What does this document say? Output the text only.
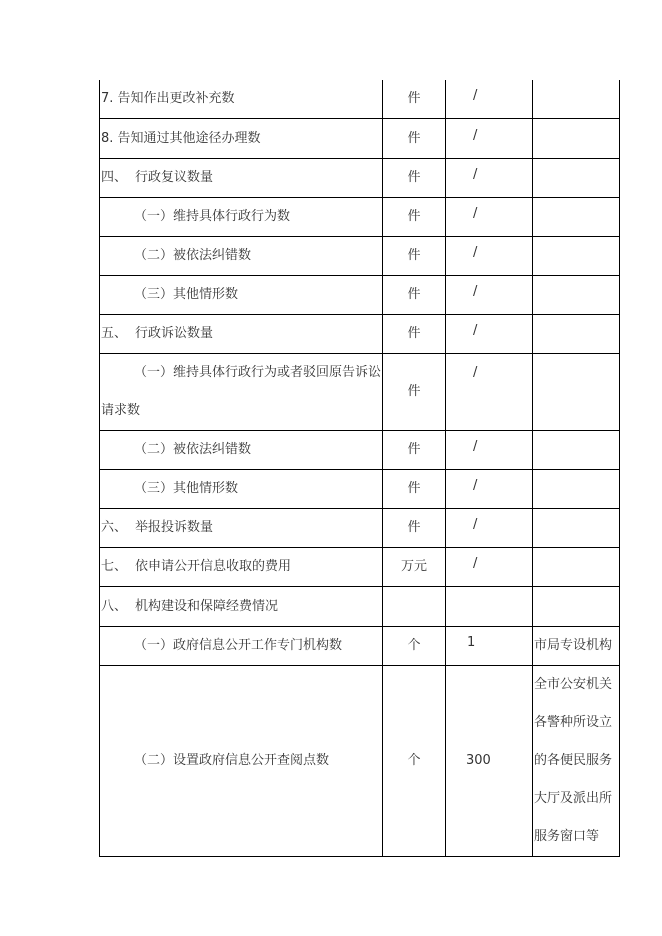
7. 告知作出更改补充数	件	/	
8. 告知通过其他途径办理数	件	/	
四、 行政复议数量	件	/	
（一）维持具体行政行为数	件	/	
（二）被依法纠错数	件	/	
（三）其他情形数	件	/	
五、 行政诉讼数量	件	/	
（一）维持具体行政行为或者驳回原告诉讼
请求数	件	/	
（二）被依法纠错数	件	/	
（三）其他情形数	件	/	
六、 举报投诉数量	件	/	
七、 依申请公开信息收取的费用	万元	/	
八、 机构建设和保障经费情况			
（一）政府信息公开工作专门机构数	个	1	市局专设机构
（二）设置政府信息公开查阅点数	个	300	全市公安机关
各警种所设立
的各便民服务
大厅及派出所
服务窗口等
